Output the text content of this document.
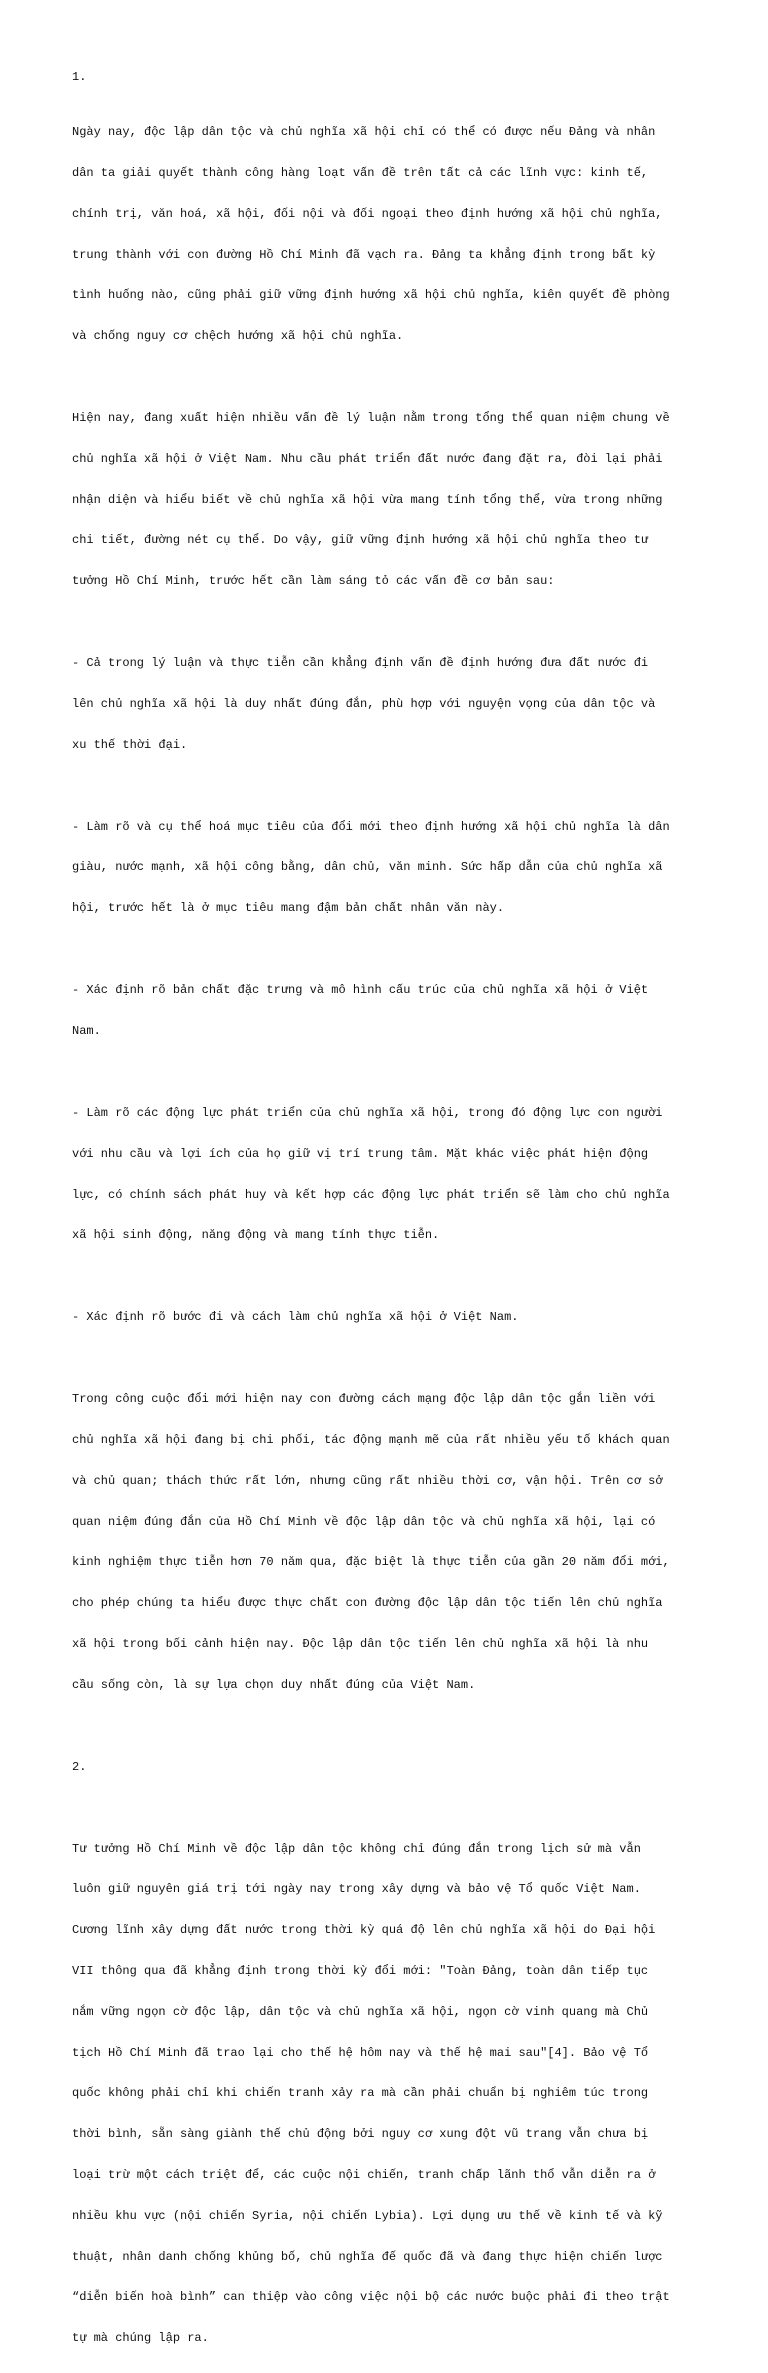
1.

Ngày nay, độc lập dân tộc và chủ nghĩa xã hội chỉ có thể có được nếu Đảng và nhân

dân ta giải quyết thành công hàng loạt vấn đề trên tất cả các lĩnh vực: kinh tế,

chính trị, văn hoá, xã hội, đối nội và đối ngoại theo định hướng xã hội chủ nghĩa,

trung thành với con đường Hồ Chí Minh đã vạch ra. Đảng ta khẳng định trong bất kỳ

tình huống nào, cũng phải giữ vững định hướng xã hội chủ nghĩa, kiên quyết đề phòng

và chống nguy cơ chệch hướng xã hội chủ nghĩa.

Hiện nay, đang xuất hiện nhiều vấn đề lý luận nằm trong tổng thể quan niệm chung về

chủ nghĩa xã hội ở Việt Nam. Nhu cầu phát triển đất nước đang đặt ra, đòi lại phải

nhận diện và hiểu biết về chủ nghĩa xã hội vừa mang tính tổng thể, vừa trong những

chi tiết, đường nét cụ thể. Do vậy, giữ vững định hướng xã hội chủ nghĩa theo tư

tưởng Hồ Chí Minh, trước hết cần làm sáng tỏ các vấn đề cơ bản sau:

- Cả trong lý luận và thực tiễn cần khẳng định vấn đề định hướng đưa đất nước đi

lên chủ nghĩa xã hội là duy nhất đúng đắn, phù hợp với nguyện vọng của dân tộc và

xu thế thời đại.

- Làm rõ và cụ thể hoá mục tiêu của đổi mới theo định hướng xã hội chủ nghĩa là dân

giàu, nước mạnh, xã hội công bằng, dân chủ, văn minh. Sức hấp dẫn của chủ nghĩa xã

hội, trước hết là ở mục tiêu mang đậm bản chất nhân văn này.

- Xác định rõ bản chất đặc trưng và mô hình cấu trúc của chủ nghĩa xã hội ở Việt

Nam.

- Làm rõ các động lực phát triển của chủ nghĩa xã hội, trong đó động lực con người

với nhu cầu và lợi ích của họ giữ vị trí trung tâm. Mặt khác việc phát hiện động

lực, có chính sách phát huy và kết hợp các động lực phát triển sẽ làm cho chủ nghĩa

xã hội sinh động, năng động và mang tính thực tiễn.

- Xác định rõ bước đi và cách làm chủ nghĩa xã hội ở Việt Nam.

Trong công cuộc đổi mới hiện nay con đường cách mạng độc lập dân tộc gắn liền với

chủ nghĩa xã hội đang bị chi phối, tác động mạnh mẽ của rất nhiều yếu tố khách quan

và chủ quan; thách thức rất lớn, nhưng cũng rất nhiều thời cơ, vận hội. Trên cơ sở

quan niệm đúng đắn của Hồ Chí Minh về độc lập dân tộc và chủ nghĩa xã hội, lại có

kinh nghiệm thực tiễn hơn 70 năm qua, đặc biệt là thực tiễn của gần 20 năm đổi mới,

cho phép chúng ta hiểu được thực chất con đường độc lập dân tộc tiến lên chủ nghĩa

xã hội trong bối cảnh hiện nay. Độc lập dân tộc tiến lên chủ nghĩa xã hội là nhu

cầu sống còn, là sự lựa chọn duy nhất đúng của Việt Nam.

2.

Tư tưởng Hồ Chí Minh về độc lập dân tộc không chỉ đúng đắn trong lịch sử mà vẫn

luôn giữ nguyên giá trị tới ngày nay trong xây dựng và bảo vệ Tổ quốc Việt Nam.

Cương lĩnh xây dựng đất nước trong thời kỳ quá độ lên chủ nghĩa xã hội do Đại hội

VII thông qua đã khẳng định trong thời kỳ đổi mới: "Toàn Đảng, toàn dân tiếp tục

nắm vững ngọn cờ độc lập, dân tộc và chủ nghĩa xã hội, ngọn cờ vinh quang mà Chủ

tịch Hồ Chí Minh đã trao lại cho thế hệ hôm nay và thế hệ mai sau"[4]. Bảo vệ Tổ

quốc không phải chỉ khi chiến tranh xảy ra mà cần phải chuẩn bị nghiêm túc trong

thời bình, sẵn sàng giành thế chủ động bởi nguy cơ xung đột vũ trang vẫn chưa bị

loại trừ một cách triệt để, các cuộc nội chiến, tranh chấp lãnh thổ vẫn diễn ra ở

nhiều khu vực (nội chiến Syria, nội chiến Lybia). Lợi dụng ưu thế về kinh tế và kỹ

thuật, nhân danh chống khủng bố, chủ nghĩa đế quốc đã và đang thực hiện chiến lược

“diễn biến hoà bình” can thiệp vào công việc nội bộ các nước buộc phải đi theo trật

tự mà chúng lập ra.
